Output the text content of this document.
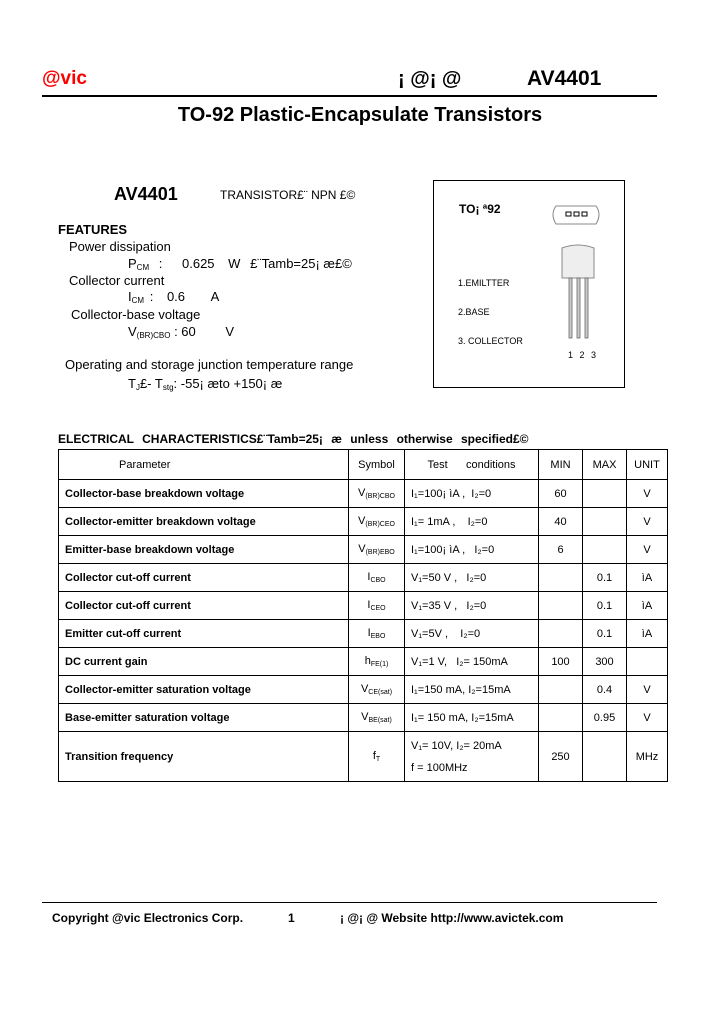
@vic	¡ @¡ @	AV4401
TO-92 Plastic-Encapsulate Transistors
AV4401	TRANSISTOR£¨ NPN £©
FEATURES
Power dissipation
$P_{CM}$ : 0.625 W £¨Tamb=25¡ æ£©
Collector current
$I_{CM}$ : 0.6 A
Collector-base voltage
$V_{(BR)CBO}$ : 60 V
Operating and storage junction temperature range
$T_J£-$ $T_{stg}$: -55¡ æto +150¡ æ
TO¡ ª92
1.EMILTTER
2.BASE
3. COLLECTOR
1 2 3
ELECTRICAL CHARACTERISTICS£¨Tamb=25¡ æ unless otherwise specified£©
Parameter	Symbol	Test      conditions	MIN	MAX	UNIT
Collector-base breakdown voltage	V(BR)CBO	I₁=100¡ ìA ,  I₂=0	60		V
Collector-emitter breakdown voltage	V(BR)CEO	I₁= 1mA ,    I₂=0	40		V
Emitter-base breakdown voltage	V(BR)EBO	I₁=100¡ ìA ,   I₂=0	6		V
Collector cut-off current	ICBO	V₁=50 V ,   I₂=0		0.1	ìA
Collector cut-off current	ICEO	V₁=35 V ,   I₂=0		0.1	ìA
Emitter cut-off current	IEBO	V₁=5V ,    I₂=0		0.1	ìA
DC current gain	hFE(1)	V₁=1 V,   I₂= 150mA	100	300	
Collector-emitter saturation voltage	VCE(sat)	I₁=150 mA, I₂=15mA		0.4	V
Base-emitter saturation voltage	VBE(sat)	I₁= 150 mA, I₂=15mA		0.95	V
Transition frequency	fT	V₁= 10V, I₂= 20mA
f = 100MHz	250		MHz
Copyright @vic Electronics Corp.	1	¡ @¡ @ Website http://www.avictek.com
